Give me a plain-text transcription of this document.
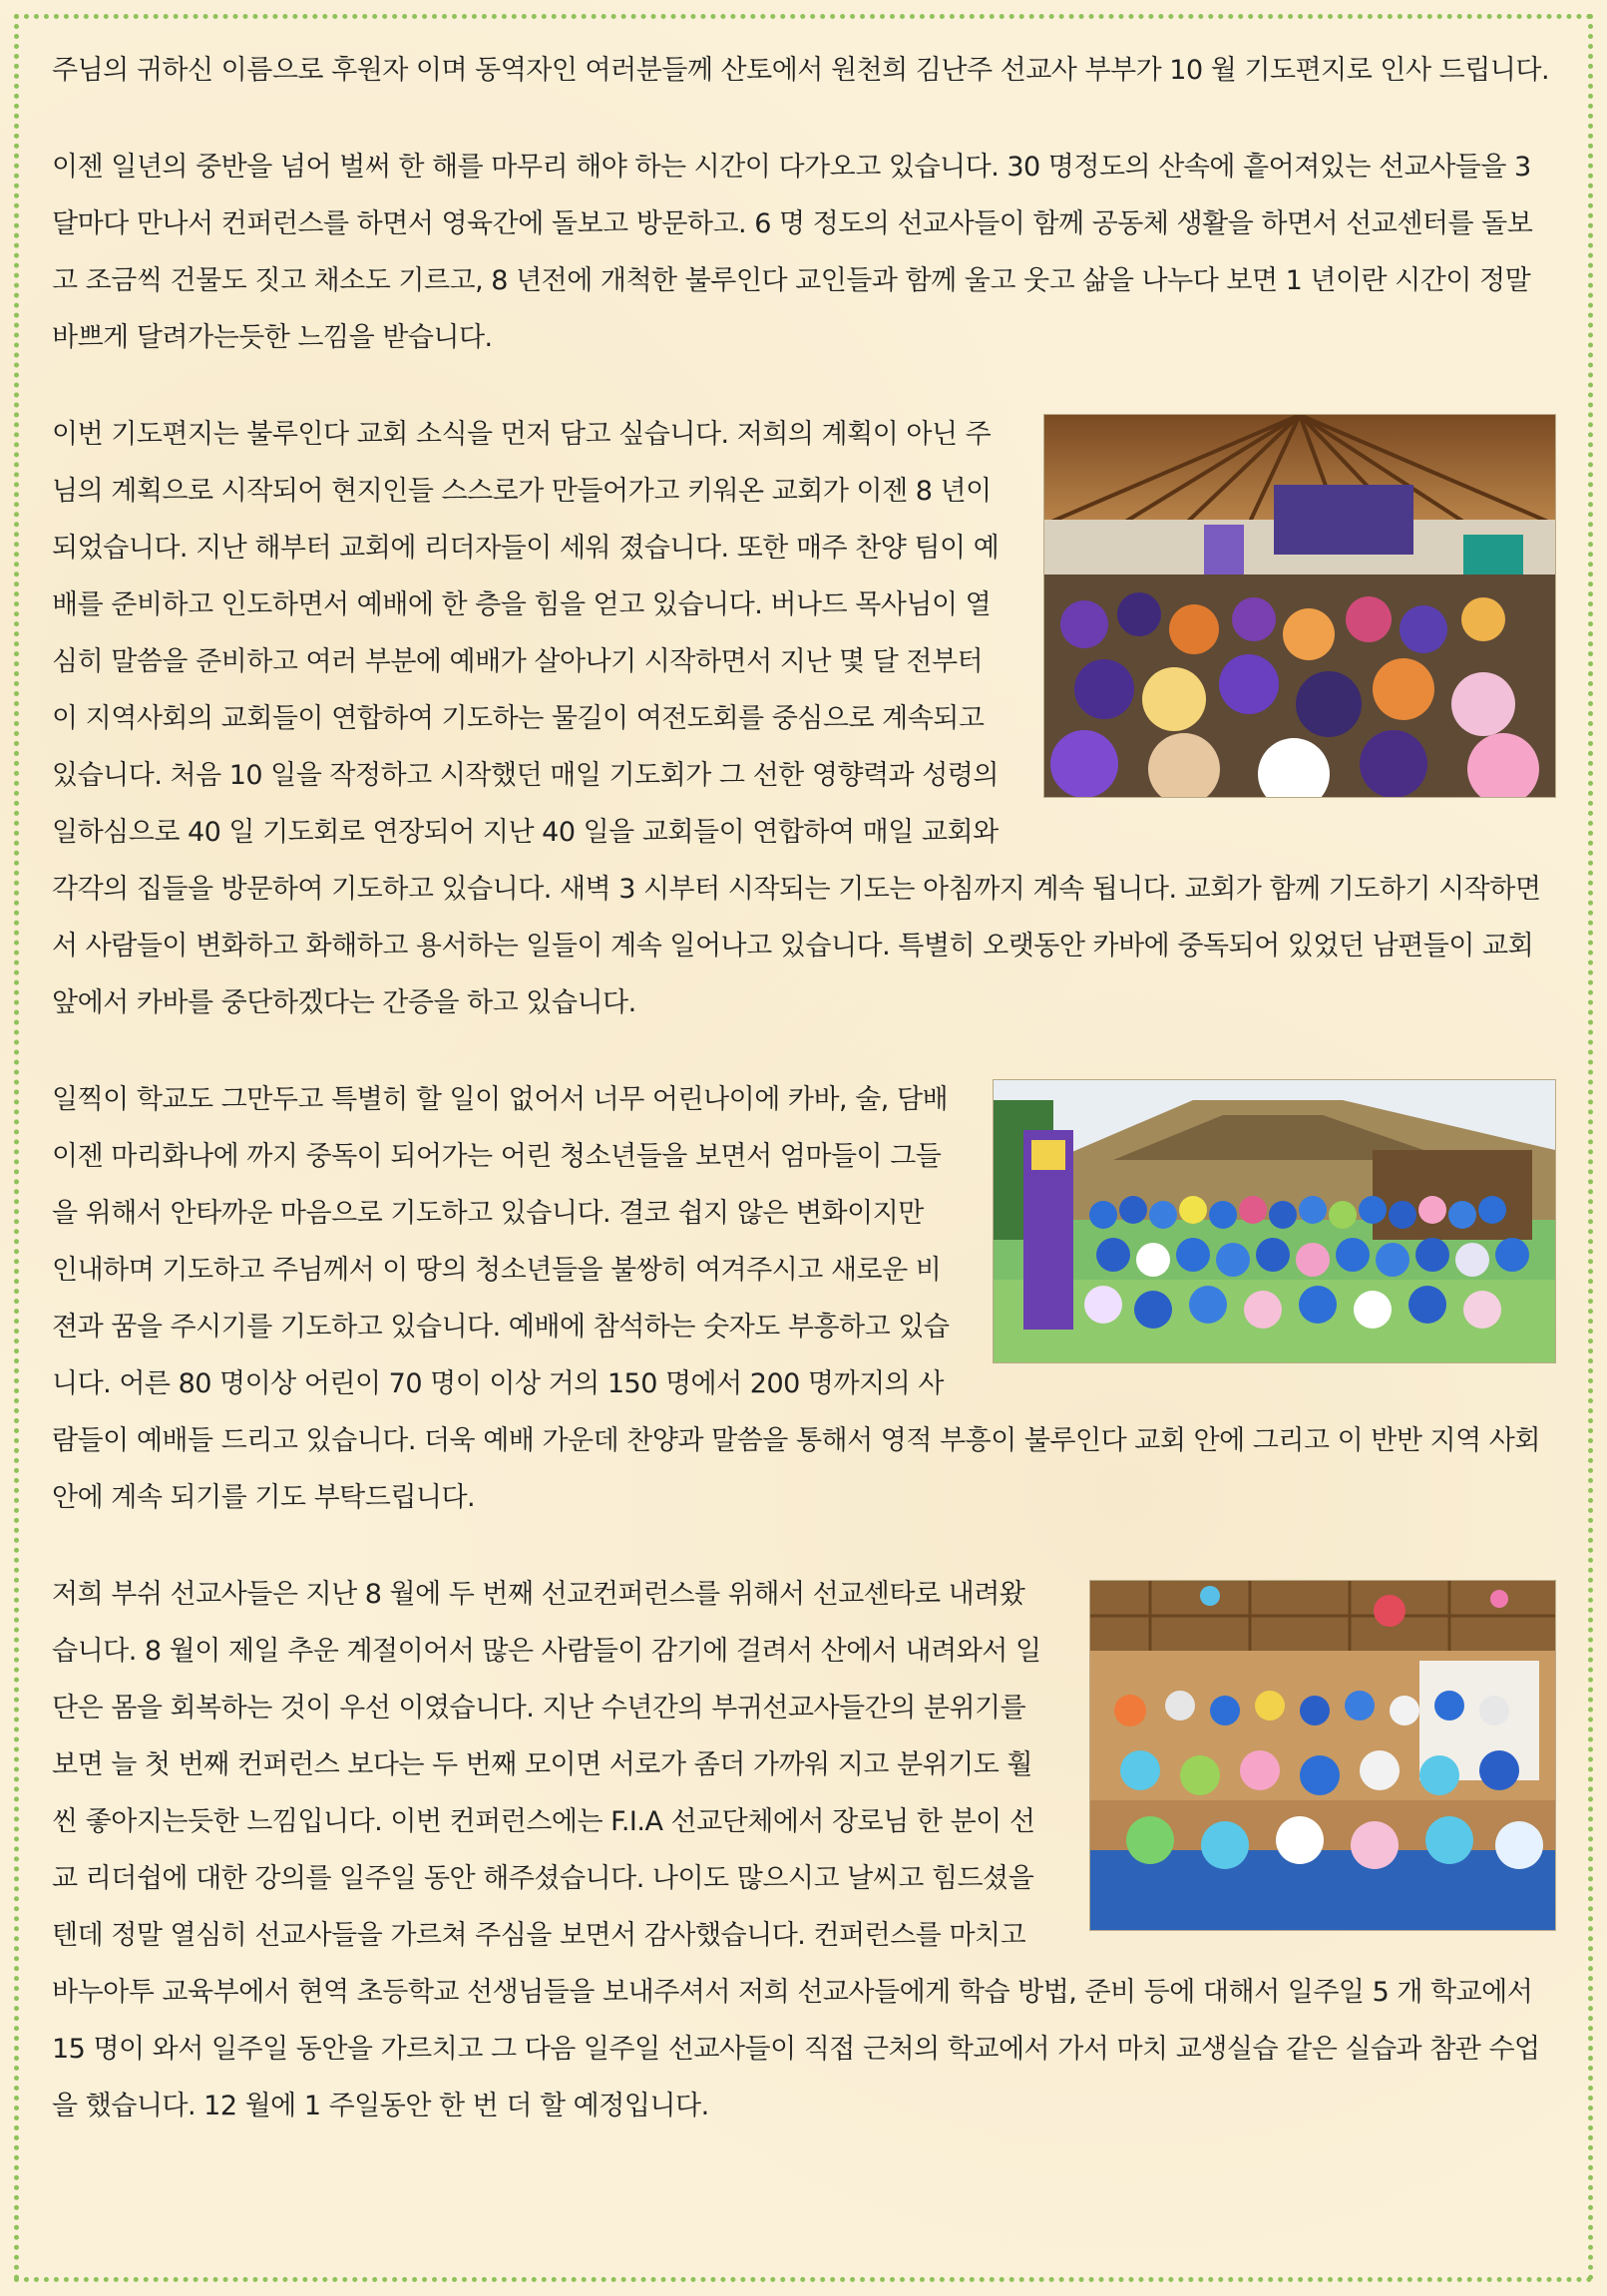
주님의 귀하신 이름으로 후원자 이며 동역자인 여러분들께 산토에서 원천희 김난주 선교사 부부가 10 월 기도편지로 인사 드립니다.

이젠 일년의 중반을 넘어 벌써 한 해를 마무리 해야 하는 시간이 다가오고 있습니다. 30 명정도의 산속에 흩어져있는 선교사들을 3 달마다 만나서 컨퍼런스를 하면서 영육간에 돌보고 방문하고. 6 명 정도의 선교사들이 함께 공동체 생활을 하면서 선교센터를 돌보고 조금씩 건물도 짓고 채소도 기르고, 8 년전에 개척한 불루인다 교인들과 함께 울고 웃고 삶을 나누다 보면 1 년이란 시간이 정말 바쁘게 달려가는듯한 느낌을 받습니다.

이번 기도편지는 불루인다 교회 소식을 먼저 담고 싶습니다. 저희의 계획이 아닌 주님의 계획으로 시작되어 현지인들 스스로가 만들어가고 키워온 교회가 이젠 8 년이 되었습니다. 지난 해부터 교회에 리더자들이 세워 졌습니다. 또한 매주 찬양 팀이 예배를 준비하고 인도하면서 예배에 한 층을 힘을 얻고 있습니다. 버나드 목사님이 열심히 말씀을 준비하고 여러 부분에 예배가 살아나기 시작하면서 지난 몇 달 전부터 이 지역사회의 교회들이 연합하여 기도하는 물길이 여전도회를 중심으로 계속되고 있습니다. 처음 10 일을 작정하고 시작했던 매일 기도회가 그 선한 영향력과 성령의 일하심으로 40 일 기도회로 연장되어 지난 40 일을 교회들이 연합하여 매일 교회와 각각의 집들을 방문하여 기도하고 있습니다. 새벽 3 시부터 시작되는 기도는 아침까지 계속 됩니다. 교회가 함께 기도하기 시작하면서 사람들이 변화하고 화해하고 용서하는 일들이 계속 일어나고 있습니다. 특별히 오랫동안 카바에 중독되어 있었던 남편들이 교회 앞에서 카바를 중단하겠다는 간증을 하고 있습니다.

일찍이 학교도 그만두고 특별히 할 일이 없어서 너무 어린나이에 카바, 술, 담배 이젠 마리화나에 까지 중독이 되어가는 어린 청소년들을 보면서 엄마들이 그들을 위해서 안타까운 마음으로 기도하고 있습니다. 결코 쉽지 않은 변화이지만 인내하며 기도하고 주님께서 이 땅의 청소년들을 불쌍히 여겨주시고 새로운 비젼과 꿈을 주시기를 기도하고 있습니다. 예배에 참석하는 숫자도 부흥하고 있습니다. 어른 80 명이상 어린이 70 명이 이상 거의 150 명에서 200 명까지의 사람들이 예배들 드리고 있습니다. 더욱 예배 가운데 찬양과 말씀을 통해서 영적 부흥이 불루인다 교회 안에 그리고 이 반반 지역 사회 안에 계속 되기를 기도 부탁드립니다.

저희 부쉬 선교사들은 지난 8 월에 두 번째 선교컨퍼런스를 위해서 선교센타로 내려왔습니다. 8 월이 제일 추운 계절이어서 많은 사람들이 감기에 걸려서 산에서 내려와서 일단은 몸을 회복하는 것이 우선 이였습니다. 지난 수년간의 부귀선교사들간의 분위기를 보면 늘 첫 번째 컨퍼런스 보다는 두 번째 모이면 서로가 좀더 가까워 지고 분위기도 훨씬 좋아지는듯한 느낌입니다. 이번 컨퍼런스에는 F.I.A 선교단체에서 장로님 한 분이 선교 리더쉽에 대한 강의를 일주일 동안 해주셨습니다. 나이도 많으시고 날씨고 힘드셨을 텐데 정말 열심히 선교사들을 가르쳐 주심을 보면서 감사했습니다. 컨퍼런스를 마치고 바누아투 교육부에서 현역 초등학교 선생님들을 보내주셔서 저희 선교사들에게 학습 방법, 준비 등에 대해서 일주일 5 개 학교에서 15 명이 와서 일주일 동안을 가르치고 그 다음 일주일 선교사들이 직접 근처의 학교에서 가서 마치 교생실습 같은 실습과 참관 수업을 했습니다. 12 월에 1 주일동안 한 번 더 할 예정입니다.
